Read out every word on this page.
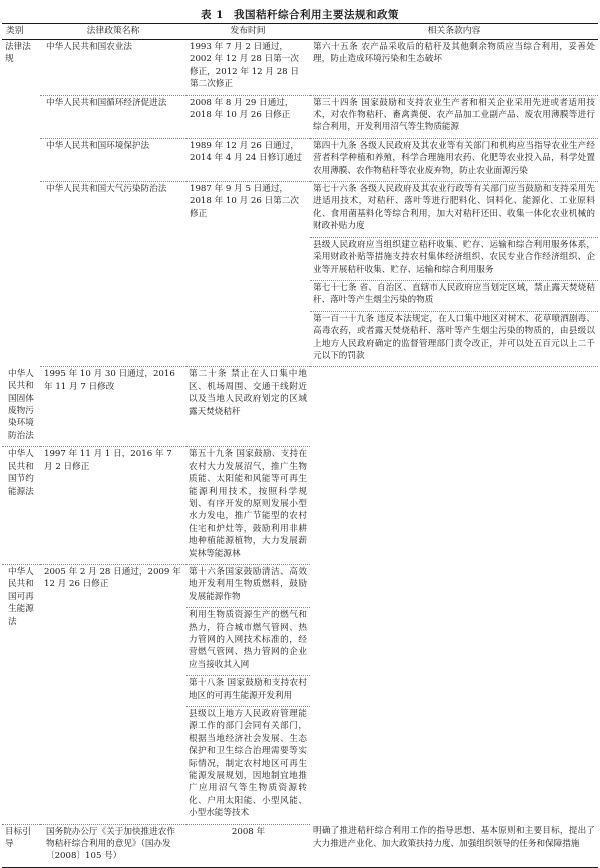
表 1 我国秸秆综合利用主要法规和政策
类别	法律政策名称	发布时间	相关条款内容
法律法规	中华人民共和国农业法	1993 年 7 月 2 日通过，2002 年 12 月 28 日第一次修正，2012 年 12 月 28 日第二次修正	第六十五条 农产品采收后的秸秆及其他剩余物质应当综合利用，妥善处理，防止造成环境污染和生态破坏
	中华人民共和国循环经济促进法	2008 年 8 月 29 日通过，2018 年 10 月 26 日修正	第三十四条 国家鼓励和支持农业生产者和相关企业采用先进或者适用技术，对农作物秸秆、畜禽粪便、农产品加工业副产品、废农用薄膜等进行综合利用，开发利用沼气等生物质能源
	中华人民共和国环境保护法	1989 年 12 月 26 日通过，2014 年 4 月 24 日修订通过	第四十九条 各级人民政府及其农业等有关部门和机构应当指导农业生产经营者科学种植和养殖，科学合理施用农药、化肥等农业投入品，科学处置农用薄膜、农作物秸秆等农业废弃物，防止农业面源污染
	中华人民共和国大气污染防治法	1987 年 9 月 5 日通过，2018 年 10 月 26 日第二次修正	第七十六条 各级人民政府及其农业行政等有关部门应当鼓励和支持采用先进适用技术，对秸秆、落叶等进行肥料化、饲料化、能源化、工业原料化、食用菌基料化等综合利用，加大对秸秆还田、收集一体化农业机械的财政补贴力度
			县级人民政府应当组织建立秸秆收集、贮存、运输和综合利用服务体系，采用财政补贴等措施支持农村集体经济组织、农民专业合作经济组织、企业等开展秸秆收集、贮存、运输和综合利用服务
			第七十七条 省、自治区、直辖市人民政府应当划定区域，禁止露天焚烧秸秆、落叶等产生烟尘污染的物质
			第一百一十九条 违反本法规定，在人口集中地区对树木、花草喷洒剧毒、高毒农药，或者露天焚烧秸秆、落叶等产生烟尘污染的物质的，由县级以上地方人民政府确定的监督管理部门责令改正，并可以处五百元以上二千元以下的罚款
中华人民共和国固体废物污染环境防治法	1995 年 10 月 30 日通过，2016 年 11 月 7 日修改	第二十条 禁止在人口集中地区、机场周围、交通干线附近以及当地人民政府划定的区域露天焚烧秸秆	
中华人民共和国节约能源法	1997 年 11 月 1 日，2016 年 7 月 2 日修正	第五十九条 国家鼓励、支持在农村大力发展沼气，推广生物质能、太阳能和风能等可再生能源利用技术，按照科学规划、有序开发的原则发展小型水力发电，推广节能型的农村住宅和炉灶等，鼓励利用非耕地种植能源植物，大力发展薪炭林等能源林	
中华人民共和国可再生能源法	2005 年 2 月 28 日通过，2009 年 12 月 26 日修正	第十六条国家鼓励清洁、高效地开发利用生物质燃料，鼓励发展能源作物	
		利用生物质资源生产的燃气和热力，符合城市燃气管网、热力管网的入网技术标准的，经营燃气管网、热力管网的企业应当接收其入网	
		第十八条 国家鼓励和支持农村地区的可再生能源开发利用	
		县级以上地方人民政府管理能源工作的部门会同有关部门，根据当地经济社会发展、生态保护和卫生综合治理需要等实际情况，制定农村地区可再生能源发展规划，因地制宜地推广应用沼气等生物质资源转化、户用太阳能、小型风能、小型水能等技术	
目标引导	国务院办公厅《关于加快推进农作物秸秆综合利用的意见》（国办发〔2008〕105 号）	2008 年	明确了推进秸秆综合利用工作的指导思想、基本原则和主要目标，提出了大力推进产业化、加大政策扶持力度、加强组织领导的任务和保障措施
